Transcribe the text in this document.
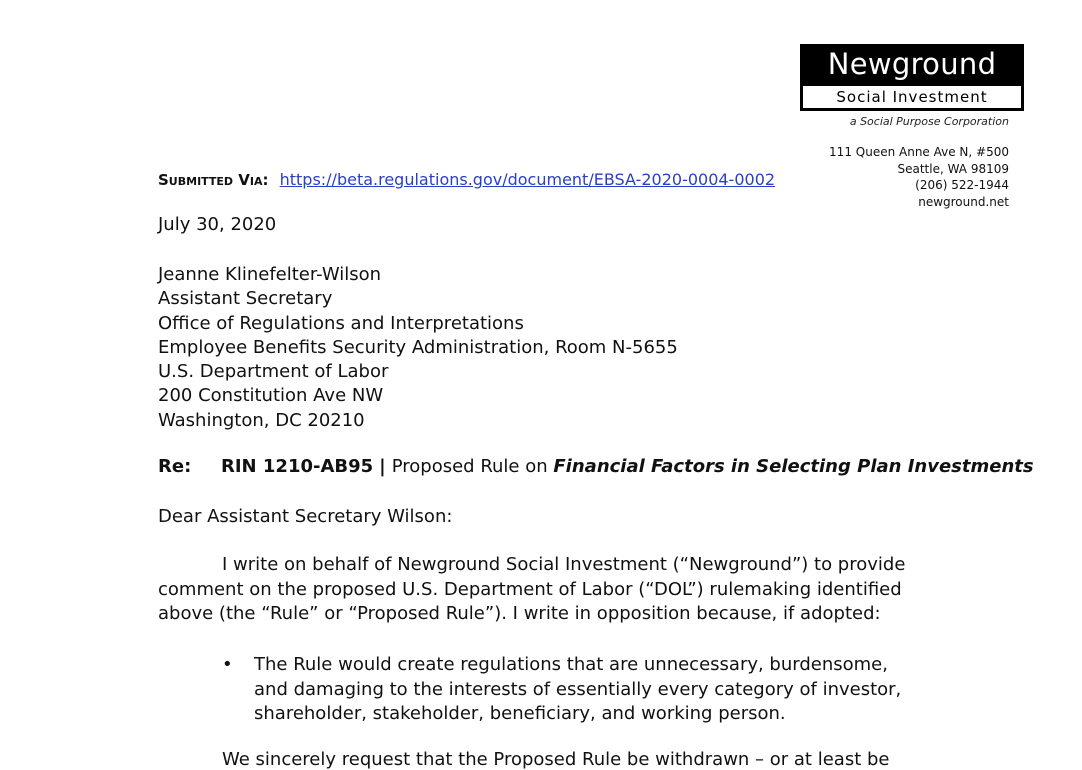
Newground
Social Investment
a Social Purpose Corporation
111 Queen Anne Ave N, #500
Seattle, WA 98109
(206) 522-1944
newground.net
Submitted Via: https://beta.regulations.gov/document/EBSA-2020-0004-0002
July 30, 2020
Jeanne Klinefelter-Wilson
Assistant Secretary
Office of Regulations and Interpretations
Employee Benefits Security Administration, Room N-5655
U.S. Department of Labor
200 Constitution Ave NW
Washington, DC 20210
Re: RIN 1210-AB95 | Proposed Rule on Financial Factors in Selecting Plan Investments
Dear Assistant Secretary Wilson:
I write on behalf of Newground Social Investment (“Newground”) to provide
comment on the proposed U.S. Department of Labor (“DOL”) rulemaking identified
above (the “Rule” or “Proposed Rule”). I write in opposition because, if adopted:
•	The Rule would create regulations that are unnecessary, burdensome,
and damaging to the interests of essentially every category of investor,
shareholder, stakeholder, beneficiary, and working person.
We sincerely request that the Proposed Rule be withdrawn – or at least be
